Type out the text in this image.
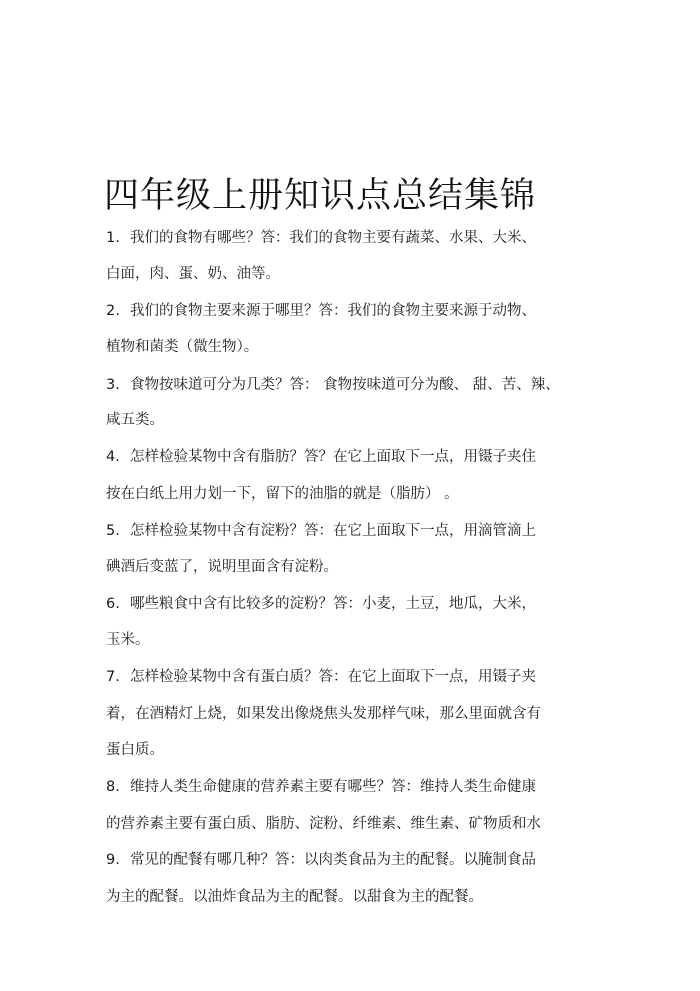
四年级上册知识点总结集锦
1. 我们的食物有哪些？答：我们的食物主要有蔬菜、水果、大米、
白面，肉、蛋、奶、油等。
2. 我们的食物主要来源于哪里？答：我们的食物主要来源于动物、
植物和菌类（微生物）。
3. 食物按味道可分为几类？答： 食物按味道可分为酸、 甜、苦、辣、
咸五类。
4. 怎样检验某物中含有脂肪？答？在它上面取下一点，用镊子夹住
按在白纸上用力划一下，留下的油脂的就是（脂肪） 。
5. 怎样检验某物中含有淀粉？答：在它上面取下一点，用滴管滴上
碘酒后变蓝了，说明里面含有淀粉。
6. 哪些粮食中含有比较多的淀粉？答：小麦，土豆，地瓜，大米，
玉米。
7. 怎样检验某物中含有蛋白质？答：在它上面取下一点，用镊子夹
着，在酒精灯上烧，如果发出像烧焦头发那样气味，那么里面就含有
蛋白质。
8. 维持人类生命健康的营养素主要有哪些？答：维持人类生命健康
的营养素主要有蛋白质、脂肪、淀粉、纤维素、维生素、矿物质和水
9. 常见的配餐有哪几种？答：以肉类食品为主的配餐。以腌制食品
为主的配餐。以油炸食品为主的配餐。以甜食为主的配餐。
